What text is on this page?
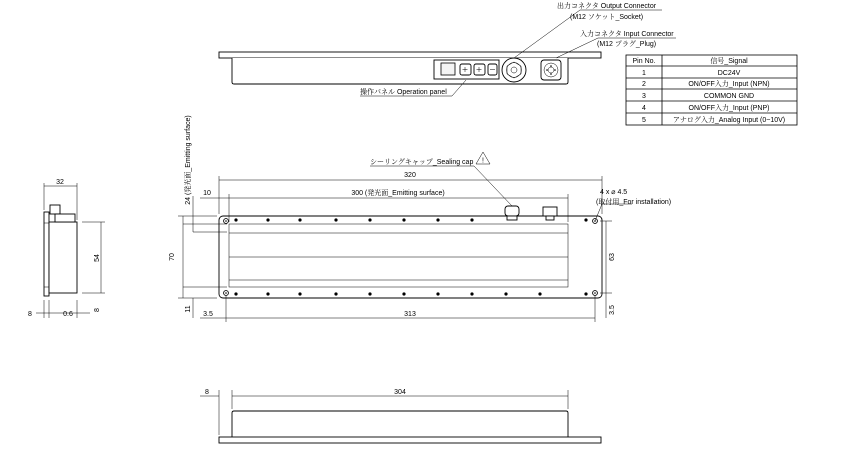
出力コネクタ Output Connector
(M12 ソケット_Socket)
入力コネクタ Input Connector
(M12 プラグ_Plug)
操作パネル Operation panel
Pin No.	信号_Signal
1	DC24V
2	ON/OFF入力_Input (NPN)
3	COMMON GND
4	ON/OFF入力_Input (PNP)
5	アナログ入力_Analog Input (0~10V)
32
54
8	0.6
8
!
シーリングキャップ_Sealing cap
4 x ⌀ 4.5
(取付用_For installation)
320
10	300 (発光面_Emitting surface)
24 (発光面_Emitting surface)
70
11
63
3.5
3.5	313
8	304
